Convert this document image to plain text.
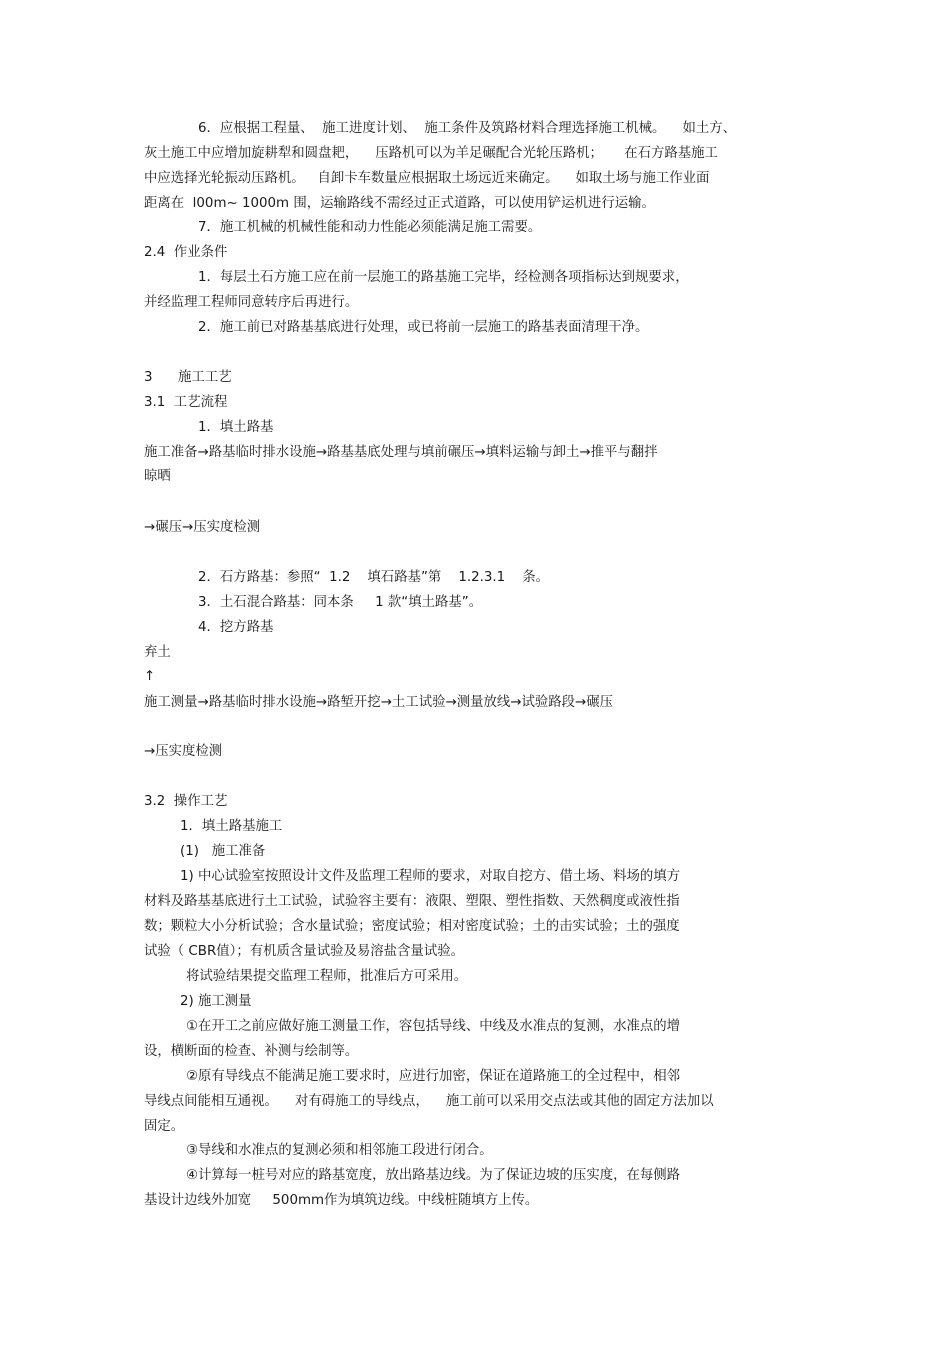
6．应根据工程量、  施工进度计划、  施工条件及筑路材料合理选择施工机械。    如土方、
灰土施工中应增加旋耕犁和圆盘耙，    压路机可以为羊足碾配合光轮压路机；     在石方路基施工
中应选择光轮振动压路机。   自卸卡车数量应根据取土场远近来确定。    如取土场与施工作业面
距离在  l00m~ 1000m 围，运输路线不需经过正式道路，可以使用铲运机进行运输。
7．施工机械的机械性能和动力性能必须能满足施工需要。
2.4  作业条件
1．每层土石方施工应在前一层施工的路基施工完毕，经检测各项指标达到规要求，
并经监理工程师同意转序后再进行。
2．施工前已对路基基底进行处理，或已将前一层施工的路基表面清理干净。
3      施工工艺
3.1  工艺流程
1．填土路基
施工准备→路基临时排水设施→路基基底处理与填前碾压→填料运输与卸土→推平与翻拌
晾晒
→碾压→压实度检测
2．石方路基：参照“  1.2    填石路基”第    1.2.3.1    条。
3．土石混合路基：同本条     1 款“填土路基”。
4．挖方路基
弃土
↑
施工测量→路基临时排水设施→路堑开挖→土工试验→测量放线→试验路段→碾压
→压实度检测
3.2  操作工艺
1．填土路基施工
(1)   施工准备
1) 中心试验室按照设计文件及监理工程师的要求，对取自挖方、借土场、料场的填方
材料及路基基底进行土工试验，试验容主要有：液限、塑限、塑性指数、天然稠度或液性指
数；颗粒大小分析试验；含水量试验；密度试验；相对密度试验；土的击实试验；土的强度
试验（ CBR值）；有机质含量试验及易溶盐含量试验。
将试验结果提交监理工程师，批准后方可采用。
2) 施工测量
①在开工之前应做好施工测量工作，容包括导线、中线及水准点的复测，水准点的增
设，横断面的检查、补测与绘制等。
②原有导线点不能满足施工要求时，应进行加密，保证在道路施工的全过程中，相邻
导线点间能相互通视。    对有碍施工的导线点，    施工前可以采用交点法或其他的固定方法加以
固定。
③导线和水准点的复测必须和相邻施工段进行闭合。
④计算每一桩号对应的路基宽度，放出路基边线。为了保证边坡的压实度，在每侧路
基设计边线外加宽     500mm作为填筑边线。中线桩随填方上传。
